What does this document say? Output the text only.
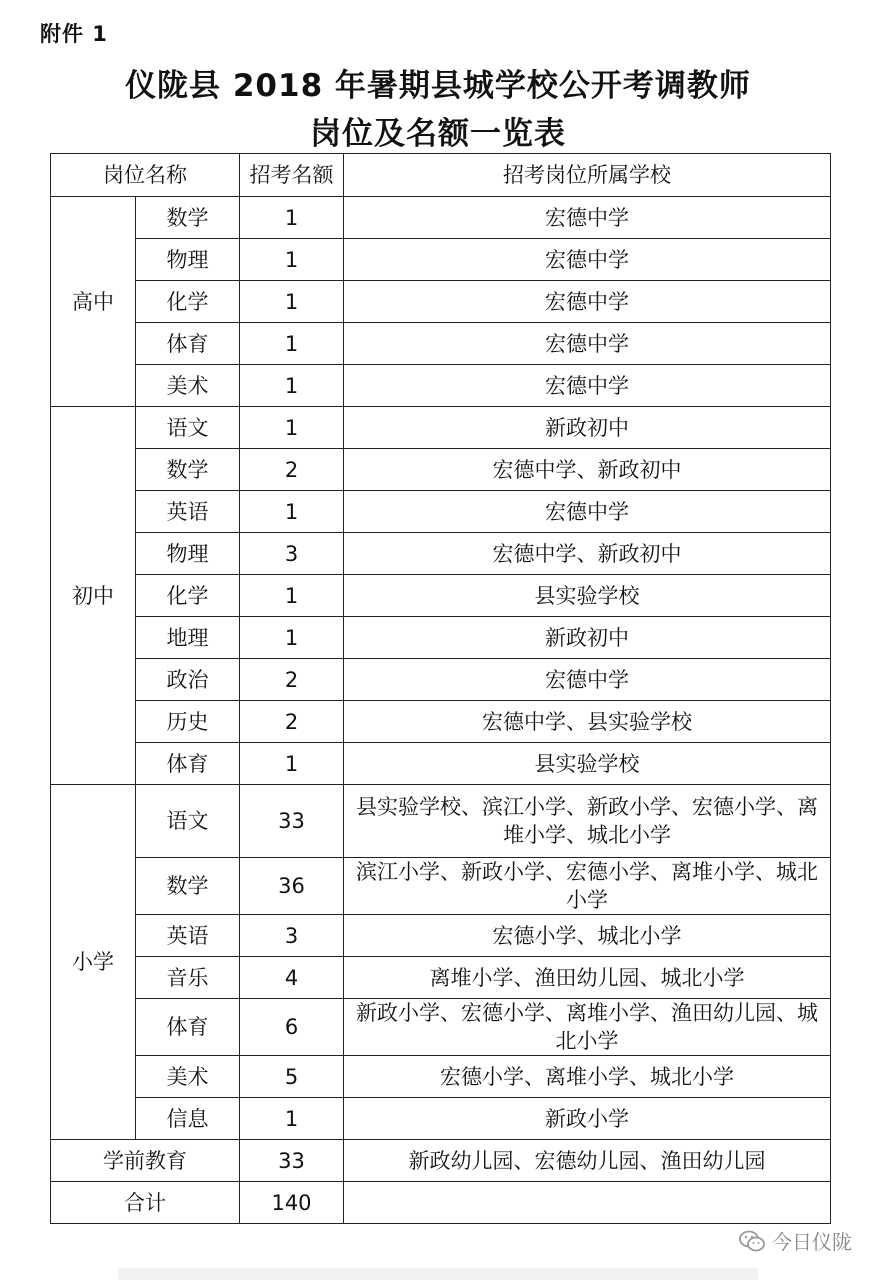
附件 1
仪陇县 2018 年暑期县城学校公开考调教师
岗位及名额一览表
岗位名称		招考名额	招考岗位所属学校
高中	数学	1	宏德中学
	物理	1	宏德中学
	化学	1	宏德中学
	体育	1	宏德中学
	美术	1	宏德中学
初中	语文	1	新政初中
	数学	2	宏德中学、新政初中
	英语	1	宏德中学
	物理	3	宏德中学、新政初中
	化学	1	县实验学校
	地理	1	新政初中
	政治	2	宏德中学
	历史	2	宏德中学、县实验学校
	体育	1	县实验学校
小学	语文	33	县实验学校、滨江小学、新政小学、宏德小学、离堆小学、城北小学
	数学	36	滨江小学、新政小学、宏德小学、离堆小学、城北小学
	英语	3	宏德小学、城北小学
	音乐	4	离堆小学、渔田幼儿园、城北小学
	体育	6	新政小学、宏德小学、离堆小学、渔田幼儿园、城北小学
	美术	5	宏德小学、离堆小学、城北小学
	信息	1	新政小学
学前教育		33	新政幼儿园、宏德幼儿园、渔田幼儿园
合计		140	
今日仪陇
